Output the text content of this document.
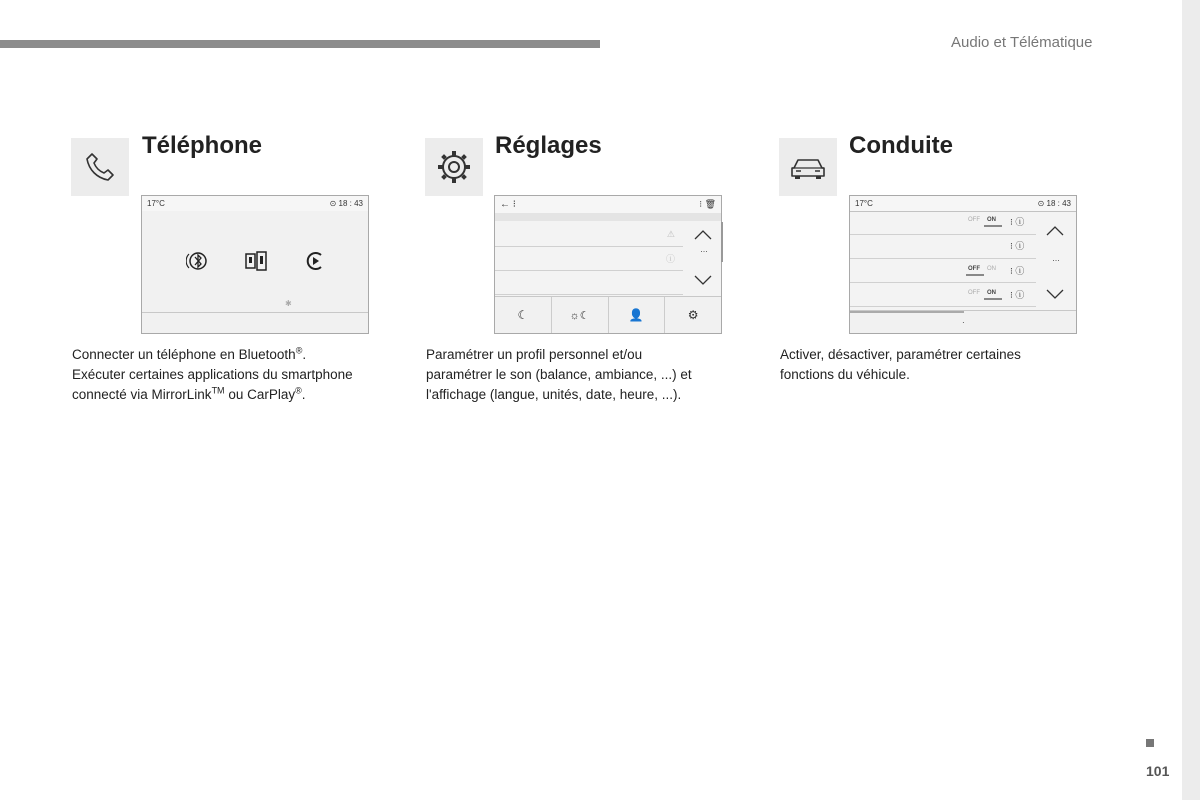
Audio et Télématique
Téléphone
17°C	⊙ 18 : 43
✱

Connecter un téléphone en Bluetooth®.

Exécuter certaines applications du smartphone

connecté via MirrorLink™ ou CarPlay®.

Réglages
← ⁝	⁝ 🗑
⚠
ⓘ
…
☾	☼☾	👤	⚙

Paramétrer un profil personnel et/ou

paramétrer le son (balance, ambiance, ...) et

l'affichage (langue, unités, date, heure, ...).

Conduite
17°C	⊙ 18 : 43
OFF ON ⁝ ⓘ
⁝ ⓘ
OFF ON ⁝ ⓘ
OFF ON ⁝ ⓘ
…
·

Activer, désactiver, paramétrer certaines

fonctions du véhicule.

101
